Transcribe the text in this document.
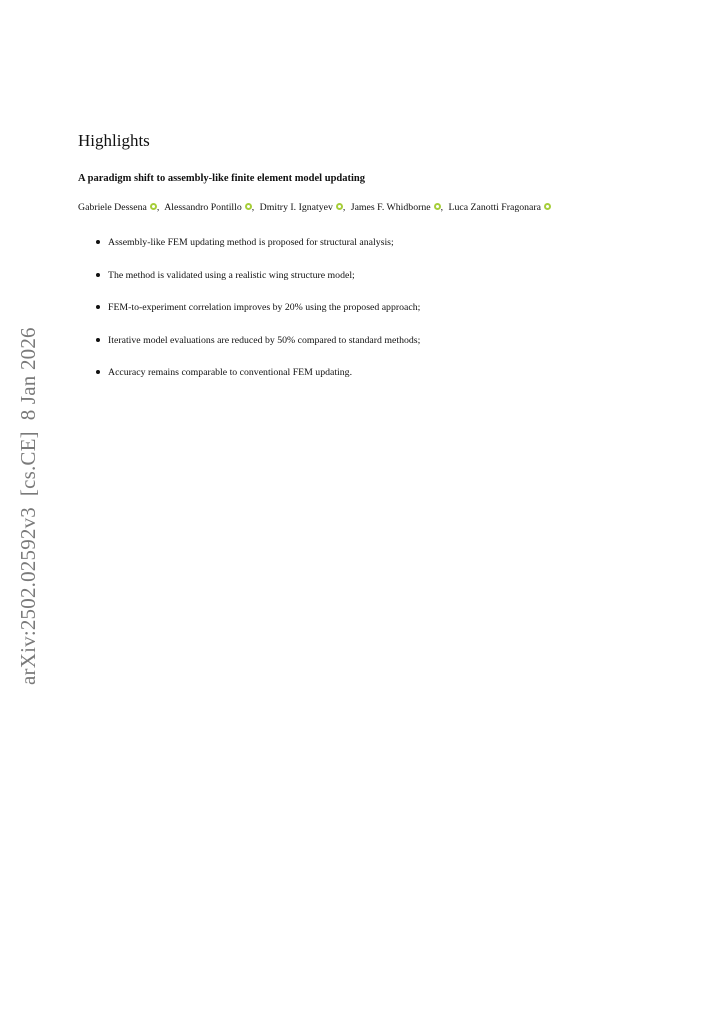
arXiv:2502.02592v3  [cs.CE]  8 Jan 2026
Highlights
A paradigm shift to assembly-like finite element model updating

Gabriele Dessena , Alessandro Pontillo , Dmitry I. Ignatyev , James F. Whidborne , Luca Zanotti Fragonara

Assembly-like FEM updating method is proposed for structural analysis;
The method is validated using a realistic wing structure model;
FEM-to-experiment correlation improves by 20% using the proposed approach;
Iterative model evaluations are reduced by 50% compared to standard methods;
Accuracy remains comparable to conventional FEM updating.
